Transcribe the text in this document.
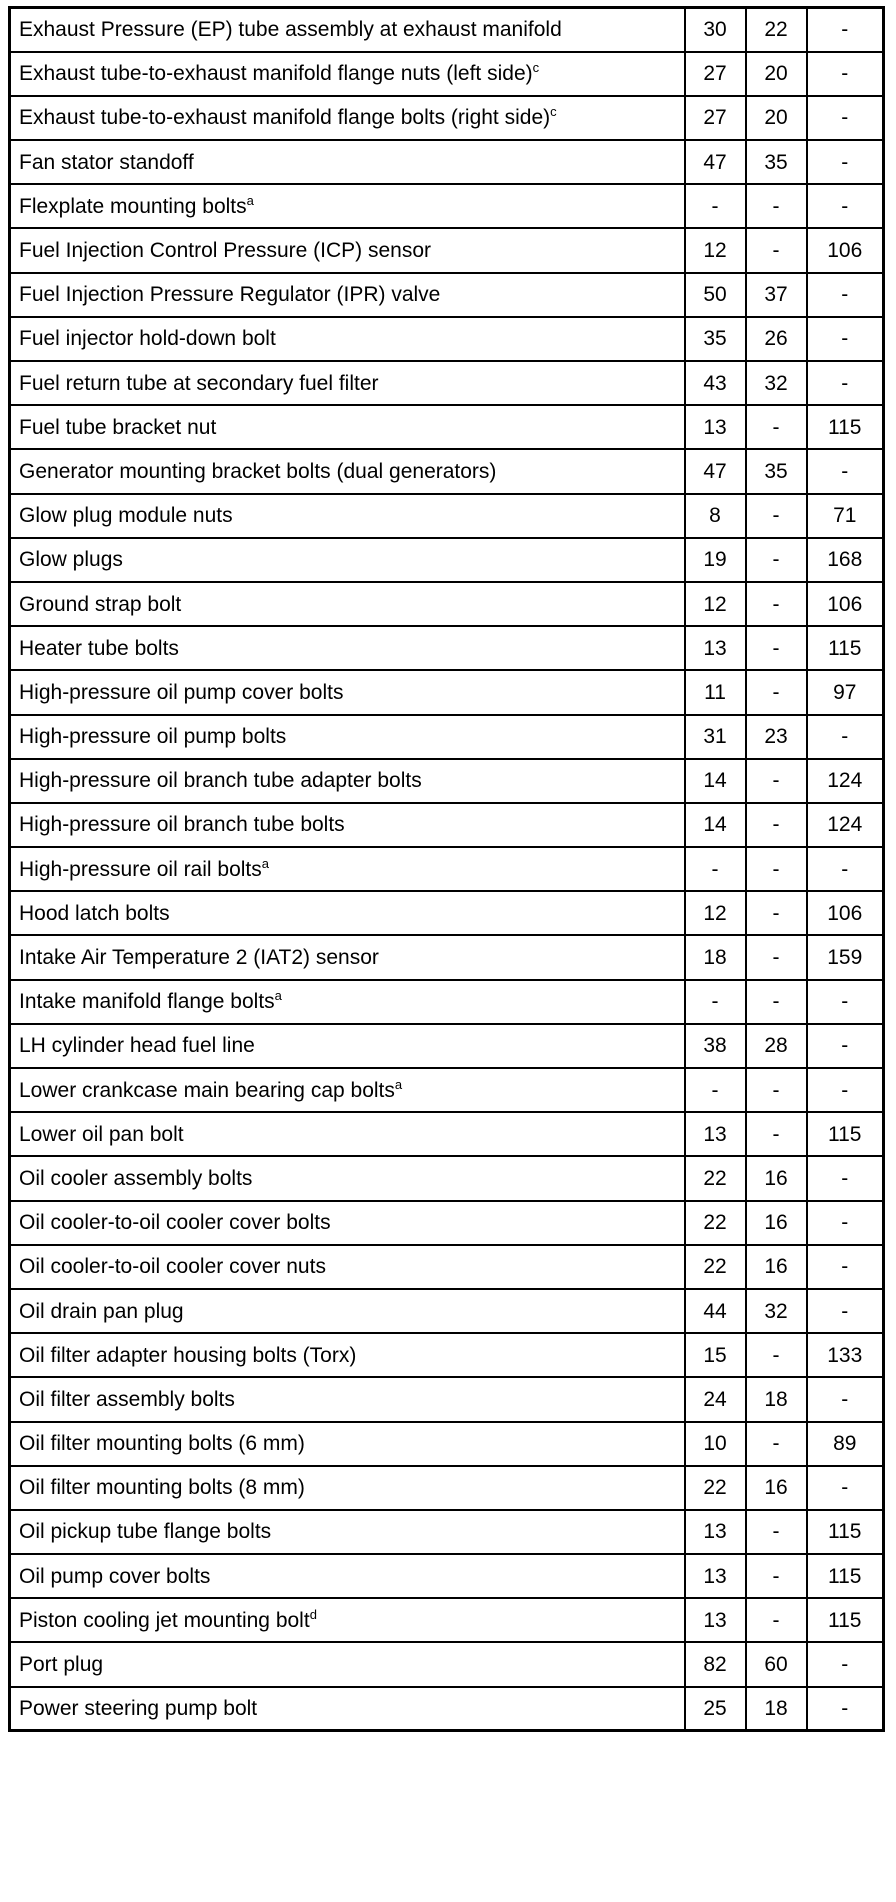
Exhaust Pressure (EP) tube assembly at exhaust manifold	30	22	-
Exhaust tube-to-exhaust manifold flange nuts (left side)$^c$	27	20	-
Exhaust tube-to-exhaust manifold flange bolts (right side)$^c$	27	20	-
Fan stator standoff	47	35	-
Flexplate mounting bolts$^a$	-	-	-
Fuel Injection Control Pressure (ICP) sensor	12	-	106
Fuel Injection Pressure Regulator (IPR) valve	50	37	-
Fuel injector hold-down bolt	35	26	-
Fuel return tube at secondary fuel filter	43	32	-
Fuel tube bracket nut	13	-	115
Generator mounting bracket bolts (dual generators)	47	35	-
Glow plug module nuts	8	-	71
Glow plugs	19	-	168
Ground strap bolt	12	-	106
Heater tube bolts	13	-	115
High-pressure oil pump cover bolts	11	-	97
High-pressure oil pump bolts	31	23	-
High-pressure oil branch tube adapter bolts	14	-	124
High-pressure oil branch tube bolts	14	-	124
High-pressure oil rail bolts$^a$	-	-	-
Hood latch bolts	12	-	106
Intake Air Temperature 2 (IAT2) sensor	18	-	159
Intake manifold flange bolts$^a$	-	-	-
LH cylinder head fuel line	38	28	-
Lower crankcase main bearing cap bolts$^a$	-	-	-
Lower oil pan bolt	13	-	115
Oil cooler assembly bolts	22	16	-
Oil cooler-to-oil cooler cover bolts	22	16	-
Oil cooler-to-oil cooler cover nuts	22	16	-
Oil drain pan plug	44	32	-
Oil filter adapter housing bolts (Torx)	15	-	133
Oil filter assembly bolts	24	18	-
Oil filter mounting bolts (6 mm)	10	-	89
Oil filter mounting bolts (8 mm)	22	16	-
Oil pickup tube flange bolts	13	-	115
Oil pump cover bolts	13	-	115
Piston cooling jet mounting bolt$^d$	13	-	115
Port plug	82	60	-
Power steering pump bolt	25	18	-
